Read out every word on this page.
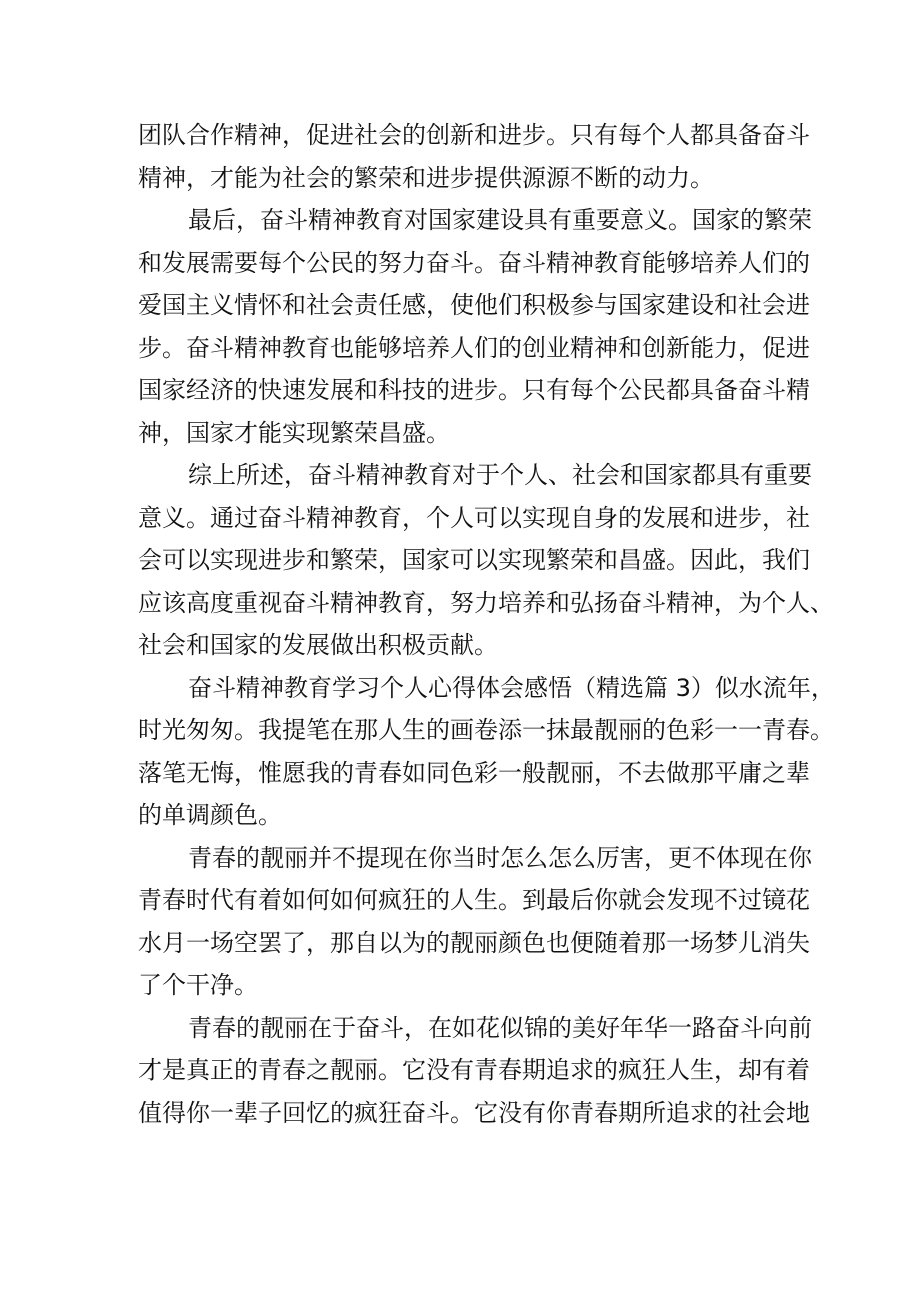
团队合作精神，促进社会的创新和进步。只有每个人都具备奋斗
精神，才能为社会的繁荣和进步提供源源不断的动力。
最后，奋斗精神教育对国家建设具有重要意义。国家的繁荣
和发展需要每个公民的努力奋斗。奋斗精神教育能够培养人们的
爱国主义情怀和社会责任感，使他们积极参与国家建设和社会进
步。奋斗精神教育也能够培养人们的创业精神和创新能力，促进
国家经济的快速发展和科技的进步。只有每个公民都具备奋斗精
神，国家才能实现繁荣昌盛。
综上所述，奋斗精神教育对于个人、社会和国家都具有重要
意义。通过奋斗精神教育，个人可以实现自身的发展和进步，社
会可以实现进步和繁荣，国家可以实现繁荣和昌盛。因此，我们
应该高度重视奋斗精神教育，努力培养和弘扬奋斗精神，为个人、
社会和国家的发展做出积极贡献。
奋斗精神教育学习个人心得体会感悟（精选篇 3）似水流年，
时光匆匆。我提笔在那人生的画卷添一抹最靓丽的色彩一一青春。
落笔无悔，惟愿我的青春如同色彩一般靓丽，不去做那平庸之辈
的单调颜色。
青春的靓丽并不提现在你当时怎么怎么厉害，更不体现在你
青春时代有着如何如何疯狂的人生。到最后你就会发现不过镜花
水月一场空罢了，那自以为的靓丽颜色也便随着那一场梦儿消失
了个干净。
青春的靓丽在于奋斗，在如花似锦的美好年华一路奋斗向前
才是真正的青春之靓丽。它没有青春期追求的疯狂人生，却有着
值得你一辈子回忆的疯狂奋斗。它没有你青春期所追求的社会地
